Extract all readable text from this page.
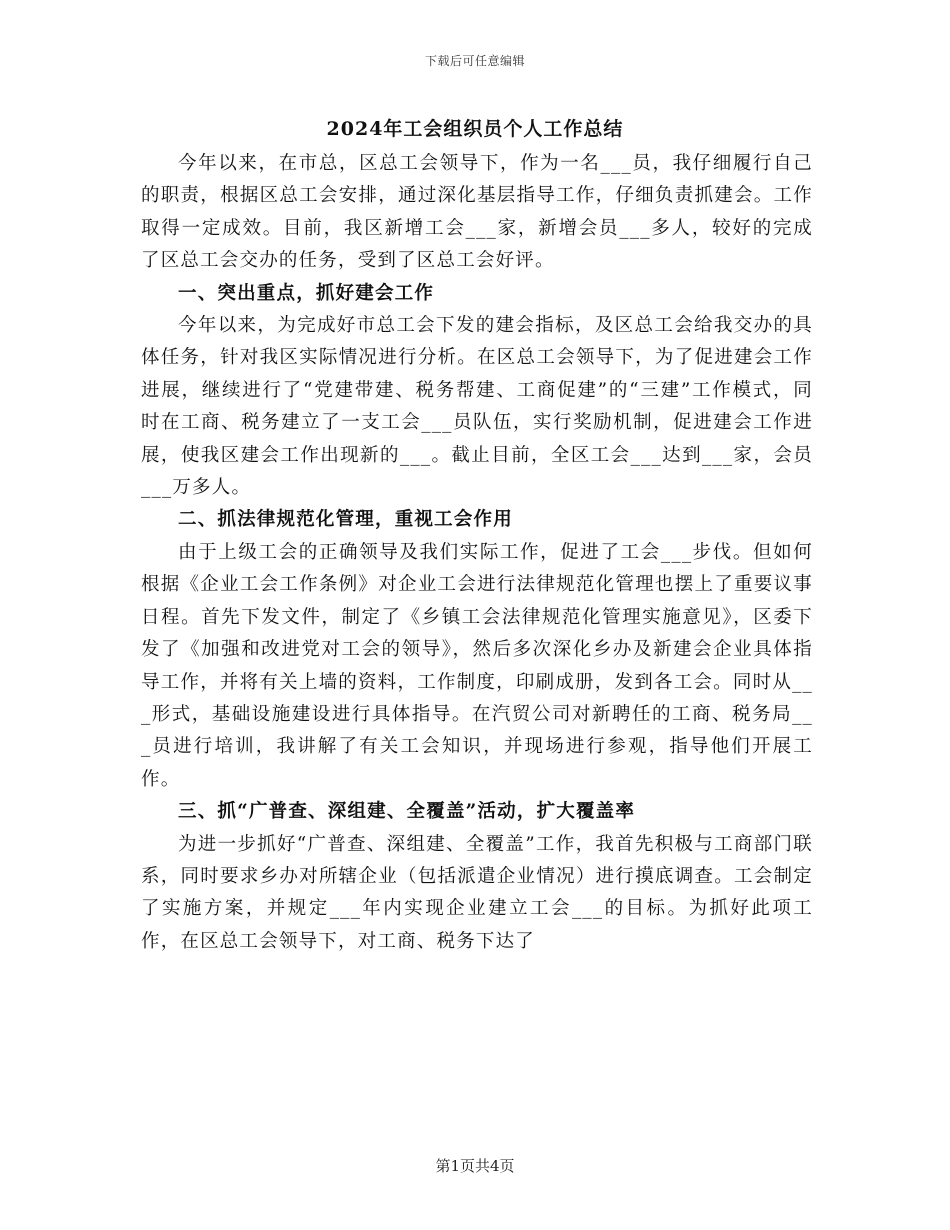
下载后可任意编辑
2024年工会组织员个人工作总结

今年以来，在市总，区总工会领导下，作为一名___员，我仔细履行自己的职责，根据区总工会安排，通过深化基层指导工作，仔细负责抓建会。工作取得一定成效。目前，我区新增工会___家，新增会员___多人，较好的完成了区总工会交办的任务，受到了区总工会好评。

一、突出重点，抓好建会工作

今年以来，为完成好市总工会下发的建会指标，及区总工会给我交办的具体任务，针对我区实际情况进行分析。在区总工会领导下，为了促进建会工作进展，继续进行了“党建带建、税务帮建、工商促建”的“三建”工作模式，同时在工商、税务建立了一支工会___员队伍，实行奖励机制，促进建会工作进展，使我区建会工作出现新的___。截止目前，全区工会___达到___家，会员___万多人。

二、抓法律规范化管理，重视工会作用

由于上级工会的正确领导及我们实际工作，促进了工会___步伐。但如何根据《企业工会工作条例》对企业工会进行法律规范化管理也摆上了重要议事日程。首先下发文件，制定了《乡镇工会法律规范化管理实施意见》，区委下发了《加强和改进党对工会的领导》，然后多次深化乡办及新建会企业具体指导工作，并将有关上墙的资料，工作制度，印刷成册，发到各工会。同时从___形式，基础设施建设进行具体指导。在汽贸公司对新聘任的工商、税务局___员进行培训，我讲解了有关工会知识，并现场进行参观，指导他们开展工作。

三、抓“广普查、深组建、全覆盖”活动，扩大覆盖率

为进一步抓好“广普查、深组建、全覆盖”工作，我首先积极与工商部门联系，同时要求乡办对所辖企业（包括派遣企业情况）进行摸底调查。工会制定了实施方案，并规定___年内实现企业建立工会___的目标。为抓好此项工作，在区总工会领导下，对工商、税务下达了

第1页共4页
